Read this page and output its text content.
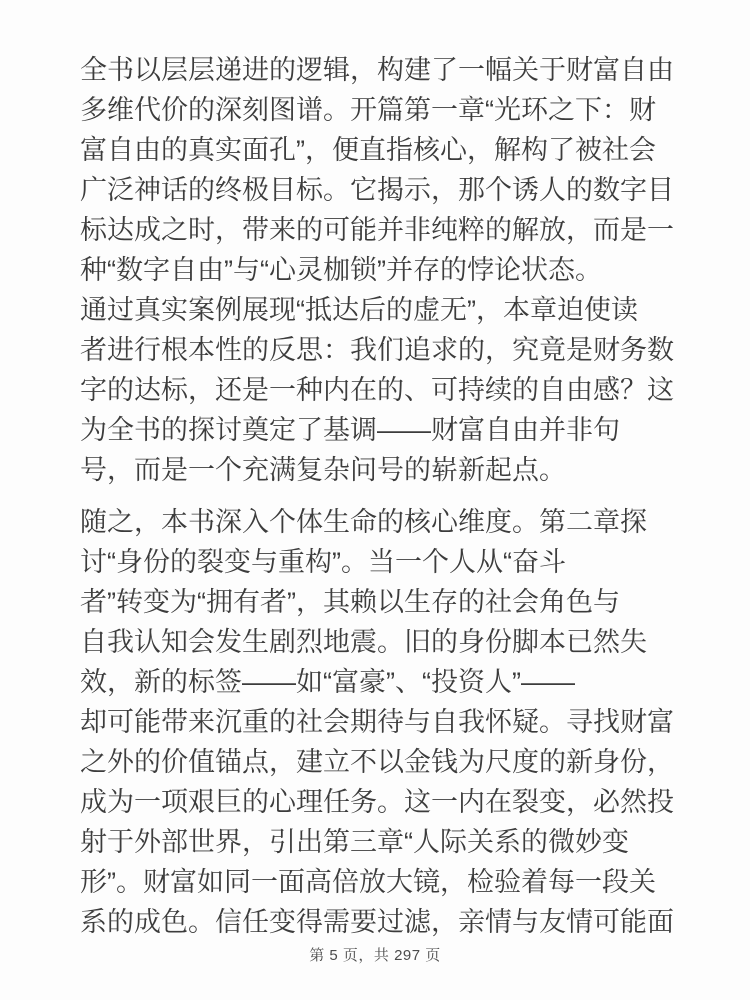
全书以层层递进的逻辑，构建了一幅关于财富自由
多维代价的深刻图谱。开篇第一章“光环之下：财
富自由的真实面孔”，便直指核心，解构了被社会
广泛神话的终极目标。它揭示，那个诱人的数字目
标达成之时，带来的可能并非纯粹的解放，而是一
种“数字自由”与“心灵枷锁”并存的悖论状态。
通过真实案例展现“抵达后的虚无”，本章迫使读
者进行根本性的反思：我们追求的，究竟是财务数
字的达标，还是一种内在的、可持续的自由感？这
为全书的探讨奠定了基调——财富自由并非句
号，而是一个充满复杂问号的崭新起点。
随之，本书深入个体生命的核心维度。第二章探
讨“身份的裂变与重构”。当一个人从“奋斗
者”转变为“拥有者”，其赖以生存的社会角色与
自我认知会发生剧烈地震。旧的身份脚本已然失
效，新的标签——如“富豪”、“投资人”——
却可能带来沉重的社会期待与自我怀疑。寻找财富
之外的价值锚点，建立不以金钱为尺度的新身份，
成为一项艰巨的心理任务。这一内在裂变，必然投
射于外部世界，引出第三章“人际关系的微妙变
形”。财富如同一面高倍放大镜，检验着每一段关
系的成色。信任变得需要过滤，亲情与友情可能面
第 5 页，共 297 页
